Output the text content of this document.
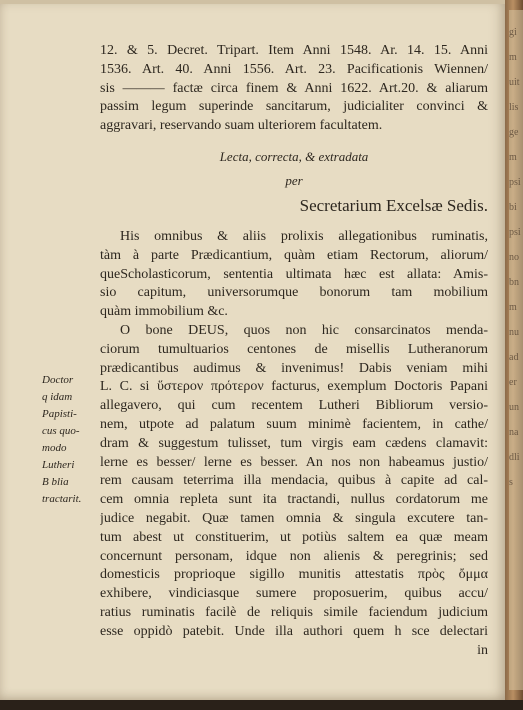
12. & 5. Decret. Tripart. Item Anni 1548. Ar. 14. 15. Anni
1536. Art. 40. Anni 1556. Art. 23. Pacificationis Wiennen/
sis ——— factæ circa finem & Anni 1622. Art.20. & aliarum
passim legum superinde sancitarum, judicialiter convinci &
aggravari, reservando suam ulteriorem facultatem.
Lecta, correcta, & extradata
per
Secretarium Excelsæ Sedis.
His omnibus & aliis prolixis allegationibus ruminatis,
tàm à parte Prædicantium, quàm etiam Rectorum, aliorum/
queScholasticorum, sententia ultimata hæc est allata: Amis-
sio capitum, universorumque bonorum tam mobilium
quàm immobilium &c.
O bone DEUS, quos non hic consarcinatos menda-
ciorum tumultuarios centones de misellis Lutheranorum
prædicantibus audimus & invenimus! Dabis veniam mihi
L. C. si ὕστερον πρότερον facturus, exemplum Doctoris Papani
allegavero, qui cum recentem Lutheri Bibliorum versio-
nem, utpote ad palatum suum minimè facientem, in cathe/
dram & suggestum tulisset, tum virgis eam cædens clamavit:
lerne es besser/ lerne es besser. An nos non habeamus justio/
rem causam teterrima illa mendacia, quibus à capite ad cal-
cem omnia repleta sunt ita tractandi, nullus cordatorum me
judice negabit. Quæ tamen omnia & singula excutere tan-
tum abest ut constituerim, ut potiùs saltem ea quæ meam
concernunt personam, idque non alienis & peregrinis; sed
domesticis proprioque sigillo munitis attestatis πρὸς ὄμμα
exhibere, vindiciasque sumere proposuerim, quibus accu/
ratius ruminatis facilè de reliquis simile faciendum judicium
esse oppidò patebit. Unde illa authori quem h sce delectari
in
Doctor
q idam
Papisti-
cus quo-
modo
Lutheri
B blia
tractarit.
gimuitlis gempsibipsinobnmnuaderunnadlis
